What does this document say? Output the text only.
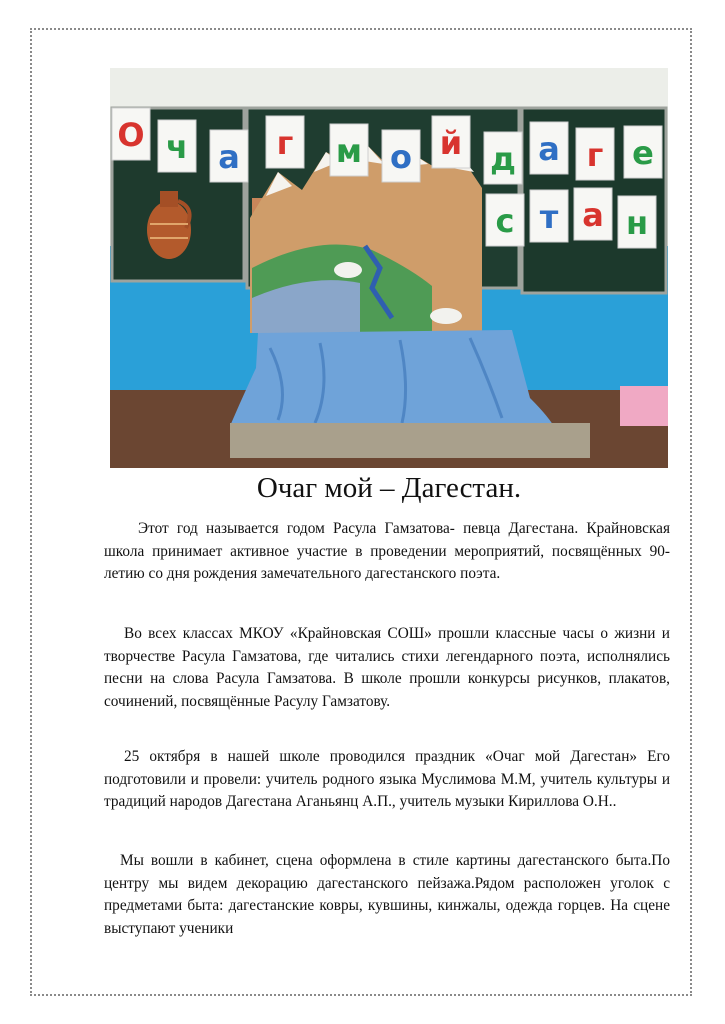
О ч а г м о й д а г е
с т а н
Очаг мой – Дагестан.

Этот год называется годом Расула Гамзатова- певца Дагестана. Крайновская школа принимает активное участие в проведении мероприятий, посвящённых 90- летию со дня рождения замечательного дагестанского поэта.

Во всех классах МКОУ «Крайновская СОШ» прошли классные часы о жизни и творчестве Расула Гамзатова, где читались стихи легендарного поэта, исполнялись песни на слова Расула Гамзатова. В школе прошли конкурсы рисунков, плакатов, сочинений, посвящённые Расулу Гамзатову.

25 октября в нашей школе проводился праздник «Очаг мой Дагестан» Его подготовили и провели: учитель родного языка Муслимова М.М, учитель культуры и традиций народов Дагестана Аганьянц А.П., учитель музыки Кириллова О.Н..

Мы вошли в кабинет, сцена оформлена в стиле картины дагестанского быта.По центру мы видем декорацию дагестанского пейзажа.Рядом расположен уголок с предметами быта: дагестанские ковры, кувшины, кинжалы, одежда горцев. На сцене выступают ученики
